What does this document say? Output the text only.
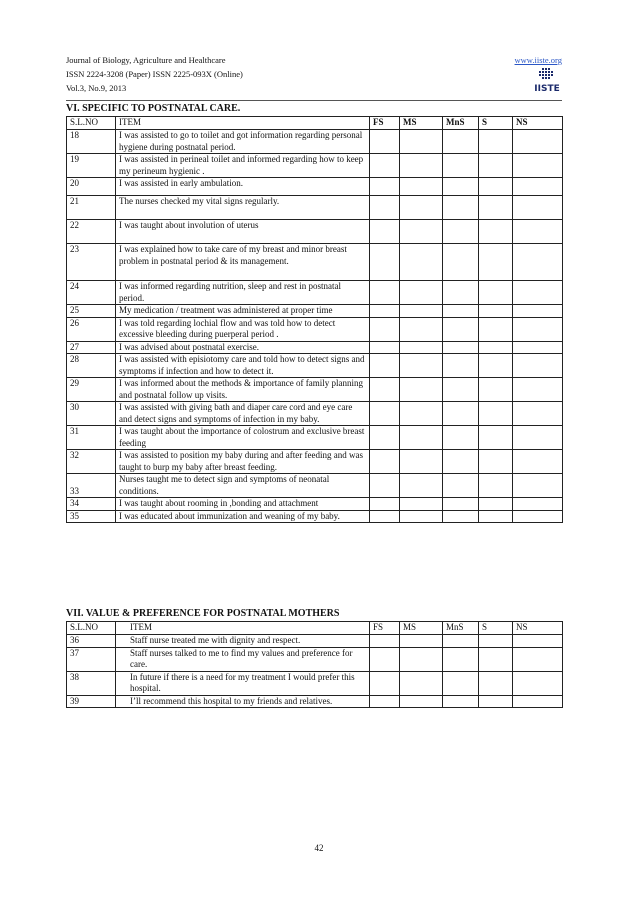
Journal of Biology, Agriculture and Healthcare
ISSN 2224-3208 (Paper) ISSN 2225-093X (Online)
Vol.3, No.9, 2013
www.iiste.org
IISTE
VI. SPECIFIC TO POSTNATAL CARE.
S.L.NO	ITEM	FS	MS	MnS	S	NS
18	I was assisted to go to toilet and got information regarding personal hygiene during postnatal period.					
19	I was assisted in perineal toilet and informed regarding how to keep my perineum hygienic .					
20	I was assisted in early ambulation.					
21	The nurses checked my vital signs regularly.					
22	I was taught about involution of uterus					
23	I was explained how to take care of my breast and minor breast problem in postnatal period & its management.					
24	I was informed regarding nutrition, sleep and rest in postnatal period.					
25	My medication / treatment was administered at proper time					
26	I was told regarding lochial flow and was told how to detect excessive bleeding during puerperal period .					
27	I was advised about postnatal exercise.					
28	I was assisted with episiotomy care and told how to detect signs and symptoms if infection and how to detect it.					
29	I was informed about the methods & importance of family planning and postnatal follow up visits.					
30	I was assisted with giving bath and diaper care cord and eye care and detect signs and symptoms of infection in my baby.					
31	I was taught about the importance of colostrum and exclusive breast feeding					
32	I was assisted to position my baby during and after feeding and was taught to burp my baby after breast feeding.					
33	Nurses taught me to detect sign and symptoms of neonatal conditions.					
34	I was taught about rooming in ,bonding and attachment					
35	I was educated about immunization and weaning of my baby.					
VII. VALUE & PREFERENCE FOR POSTNATAL MOTHERS
S.L.NO	ITEM	FS	MS	MnS	S	NS
36	Staff nurse treated me with dignity and respect.					
37	Staff nurses talked to me to find my values and preference for care.					
38	In future if there is a need for my treatment I would prefer this hospital.					
39	I’ll recommend this hospital to my friends and relatives.					
42
